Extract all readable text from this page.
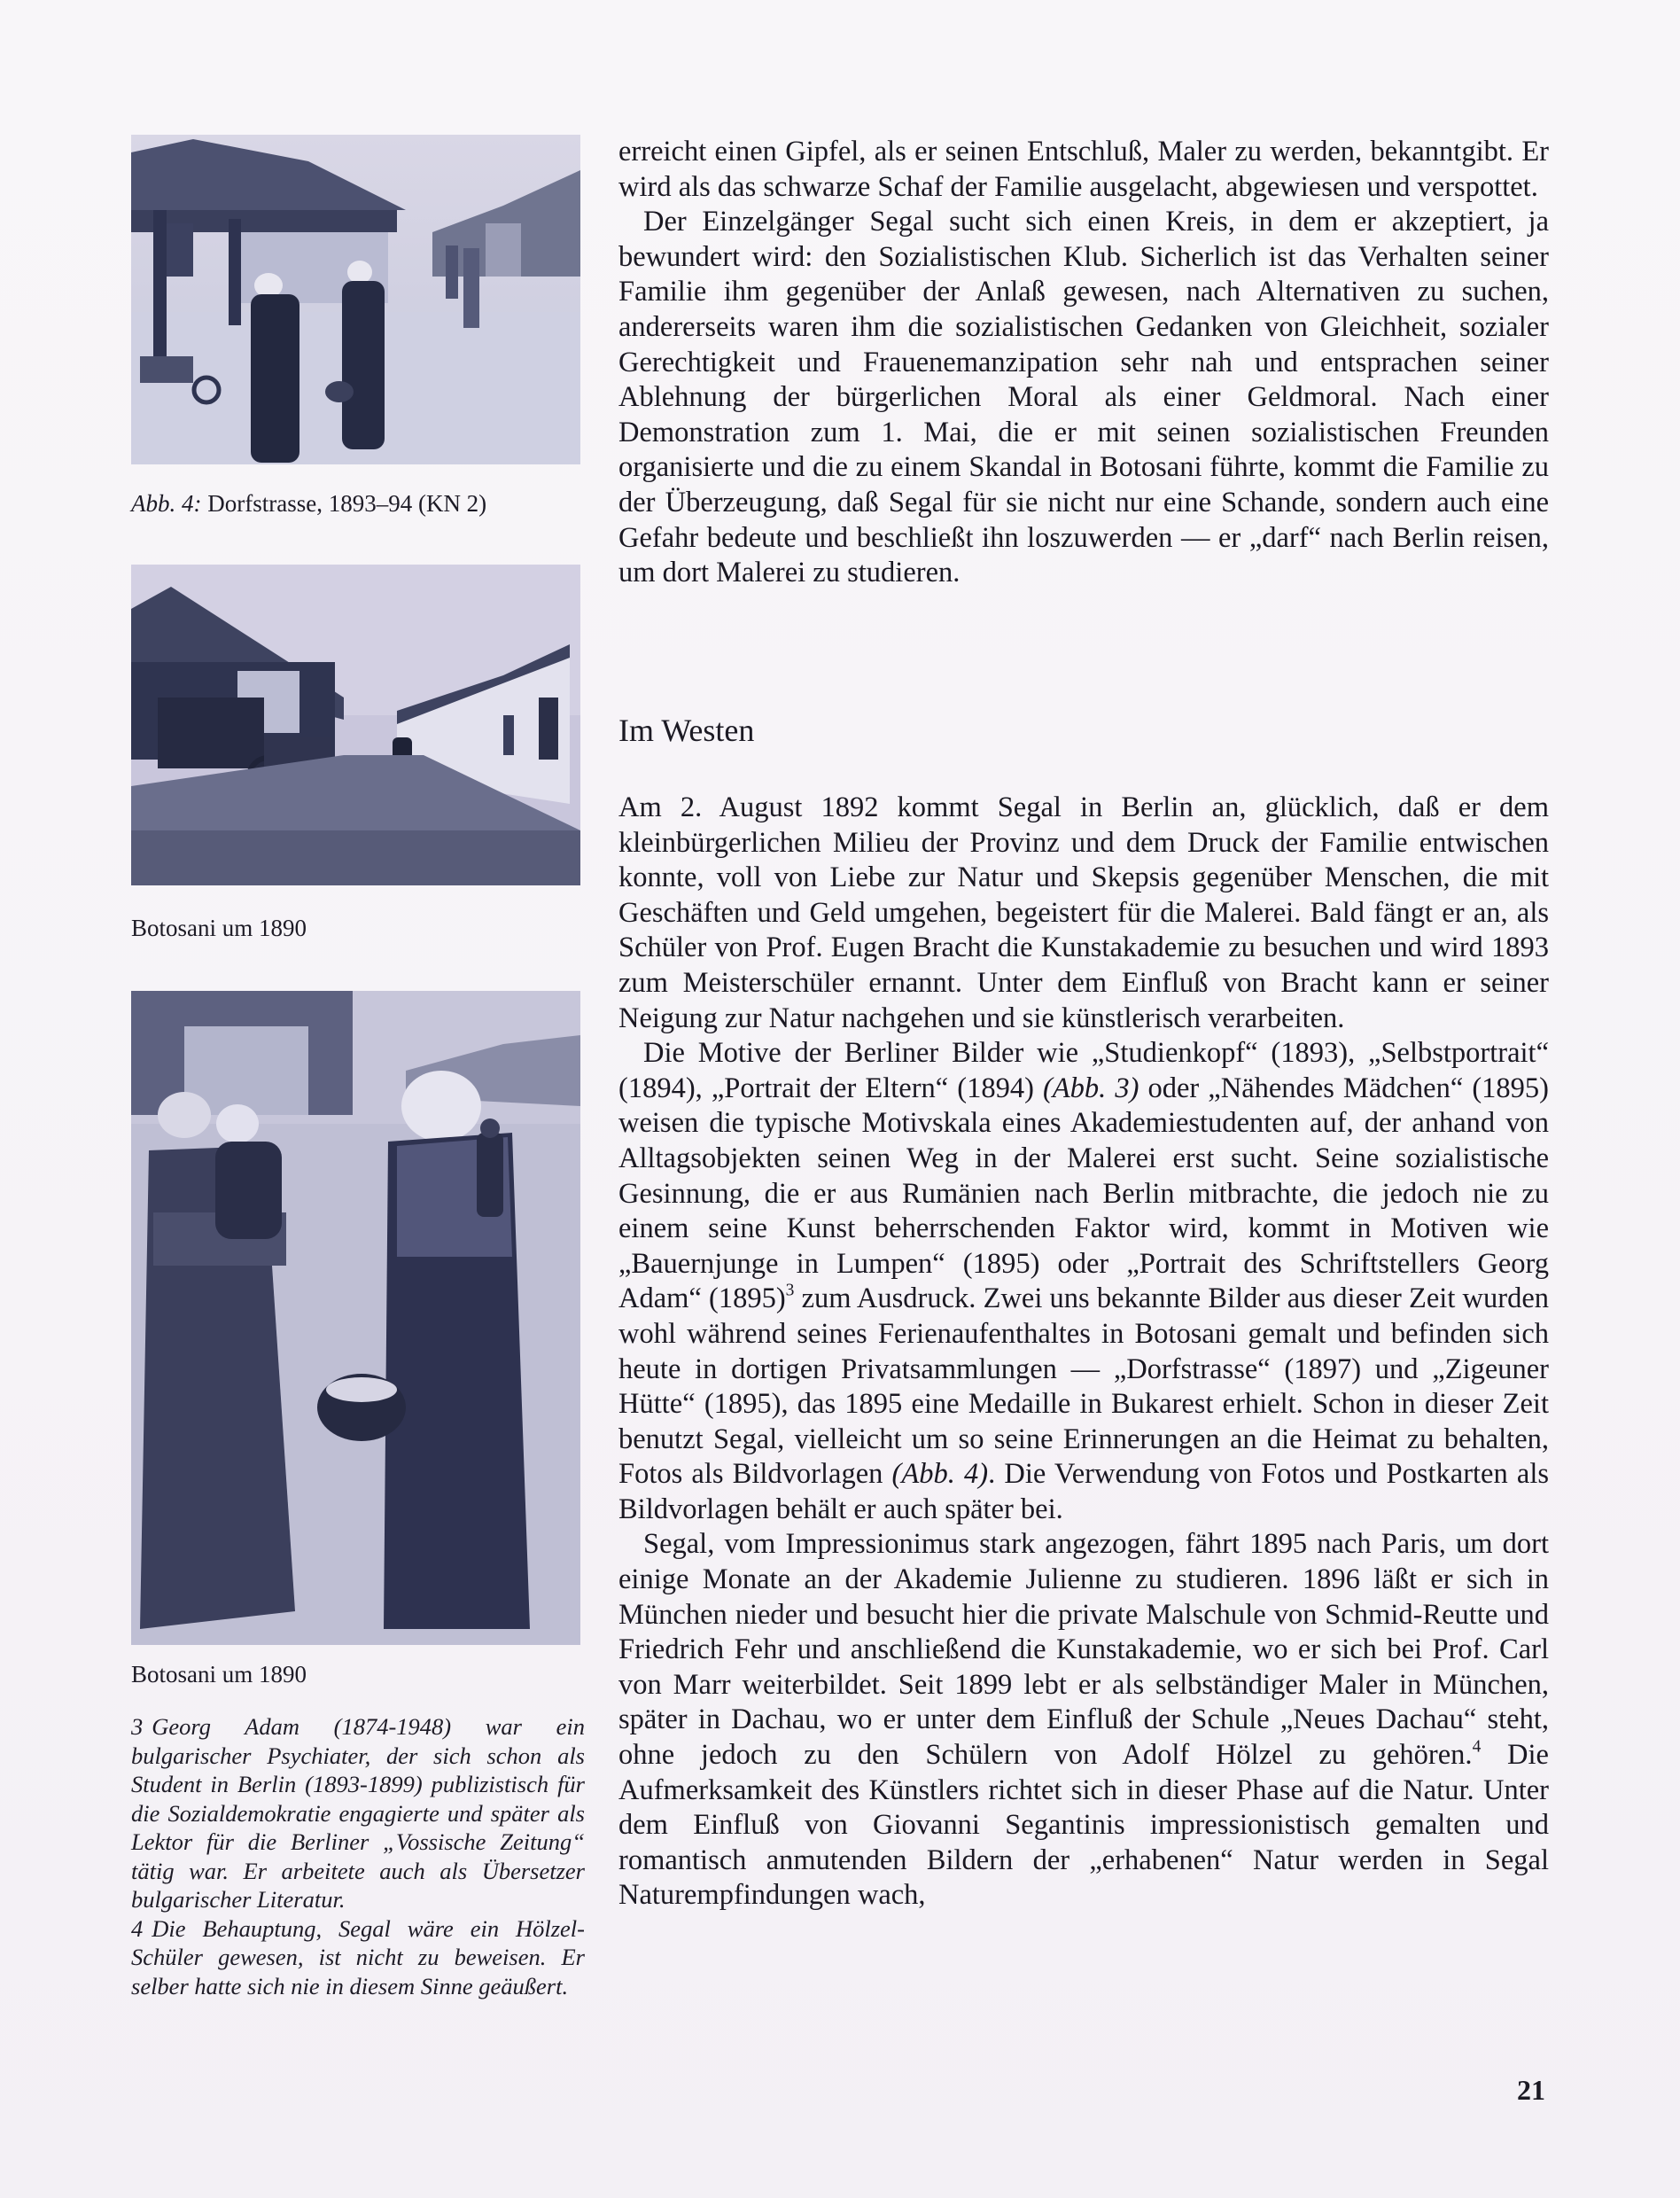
Abb. 4: Dorfstrasse, 1893–94 (KN 2)
Botosani um 1890
Botosani um 1890

3 Georg Adam (1874-1948) war ein bulgarischer Psychiater, der sich schon als Student in Berlin (1893-1899) publizistisch für die Sozialdemokratie engagierte und später als Lektor für die Berliner „Vossische Zeitung“ tätig war. Er arbeitete auch als Übersetzer bulgarischer Literatur.

4 Die Behauptung, Segal wäre ein Hölzel-Schüler gewesen, ist nicht zu beweisen. Er selber hatte sich nie in diesem Sinne geäußert.

erreicht einen Gipfel, als er seinen Entschluß, Maler zu werden, bekanntgibt. Er wird als das schwarze Schaf der Familie ausgelacht, abgewiesen und verspottet.

Der Einzelgänger Segal sucht sich einen Kreis, in dem er akzeptiert, ja bewundert wird: den Sozialistischen Klub. Sicherlich ist das Verhalten seiner Familie ihm gegenüber der Anlaß gewesen, nach Alternativen zu suchen, andererseits waren ihm die sozialistischen Gedanken von Gleichheit, sozialer Gerechtigkeit und Frauenemanzipation sehr nah und entsprachen seiner Ablehnung der bürgerlichen Moral als einer Geldmoral. Nach einer Demonstration zum 1. Mai, die er mit seinen sozialistischen Freunden organisierte und die zu einem Skandal in Botosani führte, kommt die Familie zu der Überzeugung, daß Segal für sie nicht nur eine Schande, sondern auch eine Gefahr bedeute und beschließt ihn loszuwerden — er „darf“ nach Berlin reisen, um dort Malerei zu studieren.

Im Westen

Am 2. August 1892 kommt Segal in Berlin an, glücklich, daß er dem kleinbürgerlichen Milieu der Provinz und dem Druck der Familie entwischen konnte, voll von Liebe zur Natur und Skepsis gegenüber Menschen, die mit Geschäften und Geld umgehen, begeistert für die Malerei. Bald fängt er an, als Schüler von Prof. Eugen Bracht die Kunstakademie zu besuchen und wird 1893 zum Meisterschüler ernannt. Unter dem Einfluß von Bracht kann er seiner Neigung zur Natur nachgehen und sie künstlerisch verarbeiten.

Die Motive der Berliner Bilder wie „Studienkopf“ (1893), „Selbstportrait“ (1894), „Portrait der Eltern“ (1894) (Abb. 3) oder „Nähendes Mädchen“ (1895) weisen die typische Motivskala eines Akademiestudenten auf, der anhand von Alltagsobjekten seinen Weg in der Malerei erst sucht. Seine sozialistische Gesinnung, die er aus Rumänien nach Berlin mitbrachte, die jedoch nie zu einem seine Kunst beherrschenden Faktor wird, kommt in Motiven wie „Bauernjunge in Lumpen“ (1895) oder „Portrait des Schriftstellers Georg Adam“ $(1895)^3$ zum Ausdruck. Zwei uns bekannte Bilder aus dieser Zeit wurden wohl während seines Ferienaufenthaltes in Botosani gemalt und befinden sich heute in dortigen Privatsammlungen — „Dorfstrasse“ (1897) und „Zigeuner Hütte“ (1895), das 1895 eine Medaille in Bukarest erhielt. Schon in dieser Zeit benutzt Segal, vielleicht um so seine Erinnerungen an die Heimat zu behalten, Fotos als Bildvorlagen (Abb. 4). Die Verwendung von Fotos und Postkarten als Bildvorlagen behält er auch später bei.

Segal, vom Impressionimus stark angezogen, fährt 1895 nach Paris, um dort einige Monate an der Akademie Julienne zu studieren. 1896 läßt er sich in München nieder und besucht hier die private Malschule von Schmid-Reutte und Friedrich Fehr und anschließend die Kunstakademie, wo er sich bei Prof. Carl von Marr weiterbildet. Seit 1899 lebt er als selbständiger Maler in München, später in Dachau, wo er unter dem Einfluß der Schule „Neues Dachau“ steht, ohne jedoch zu den Schülern von Adolf Hölzel zu gehören.$^4$ Die Aufmerksamkeit des Künstlers richtet sich in dieser Phase auf die Natur. Unter dem Einfluß von Giovanni Segantinis impressionistisch gemalten und romantisch anmutenden Bildern der „erhabenen“ Natur werden in Segal Naturempfindungen wach,

21
